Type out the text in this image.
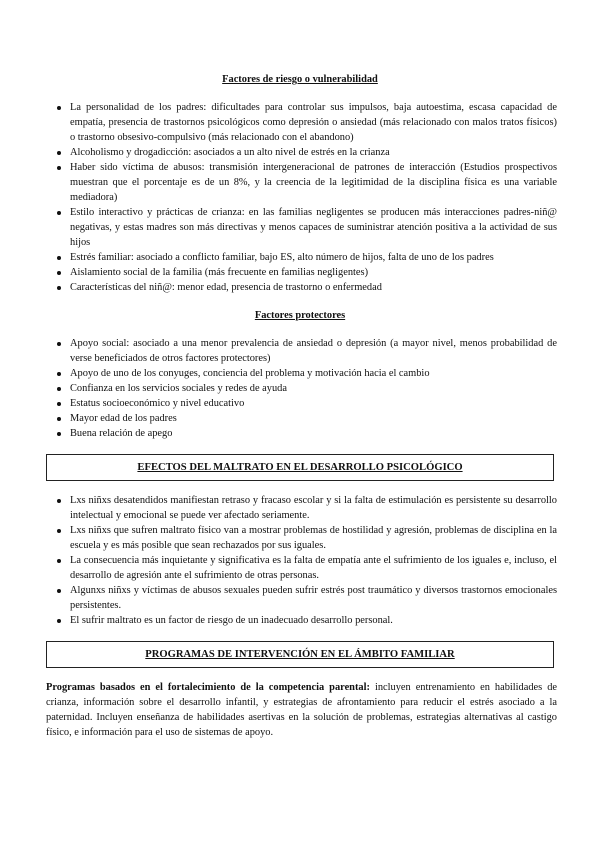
Factores de riesgo o vulnerabilidad
La personalidad de los padres: dificultades para controlar sus impulsos, baja autoestima, escasa capacidad de empatía, presencia de trastornos psicológicos como depresión o ansiedad (más relacionado con malos tratos físicos) o trastorno obsesivo-compulsivo (más relacionado con el abandono)
Alcoholismo y drogadicción: asociados a un alto nivel de estrés en la crianza
Haber sido víctima de abusos: transmisión intergeneracional de patrones de interacción (Estudios prospectivos muestran que el porcentaje es de un 8%, y la creencia de la legitimidad de la disciplina física es una variable mediadora)
Estilo interactivo y prácticas de crianza: en las familias negligentes se producen más interacciones padres-niñ@ negativas, y estas madres son más directivas y menos capaces de suministrar atención positiva a la actividad de sus hijos
Estrés familiar: asociado a conflicto familiar, bajo ES, alto número de hijos, falta de uno de los padres
Aislamiento social de la familia (más frecuente en familias negligentes)
Características del niñ@: menor edad, presencia de trastorno o enfermedad
Factores protectores
Apoyo social: asociado a una menor prevalencia de ansiedad o depresión (a mayor nivel, menos probabilidad de verse beneficiados de otros factores protectores)
Apoyo de uno de los conyuges, conciencia del problema y motivación hacia el cambio
Confianza en los servicios sociales y redes de ayuda
Estatus socioeconómico y nivel educativo
Mayor edad de los padres
Buena relación de apego
EFECTOS DEL MALTRATO EN EL DESARROLLO PSICOLÓGICO
Lxs niñxs desatendidos manifiestan retraso y fracaso escolar y si la falta de estimulación es persistente su desarrollo intelectual y emocional se puede ver afectado seriamente.
Lxs niñxs que sufren maltrato físico van a mostrar problemas de hostilidad y agresión, problemas de disciplina en la escuela y es más posible que sean rechazados por sus iguales.
La consecuencia más inquietante y significativa es la falta de empatía ante el sufrimiento de los iguales e, incluso, el desarrollo de agresión ante el sufrimiento de otras personas.
Algunxs niñxs y víctimas de abusos sexuales pueden sufrir estrés post traumático y diversos trastornos emocionales persistentes.
El sufrir maltrato es un factor de riesgo de un inadecuado desarrollo personal.
PROGRAMAS DE INTERVENCIÓN EN EL ÁMBITO FAMILIAR

Programas basados en el fortalecimiento de la competencia parental: incluyen entrenamiento en habilidades de crianza, información sobre el desarrollo infantil, y estrategias de afrontamiento para reducir el estrés asociado a la paternidad. Incluyen enseñanza de habilidades asertivas en la solución de problemas, estrategias alternativas al castigo físico, e información para el uso de sistemas de apoyo.
